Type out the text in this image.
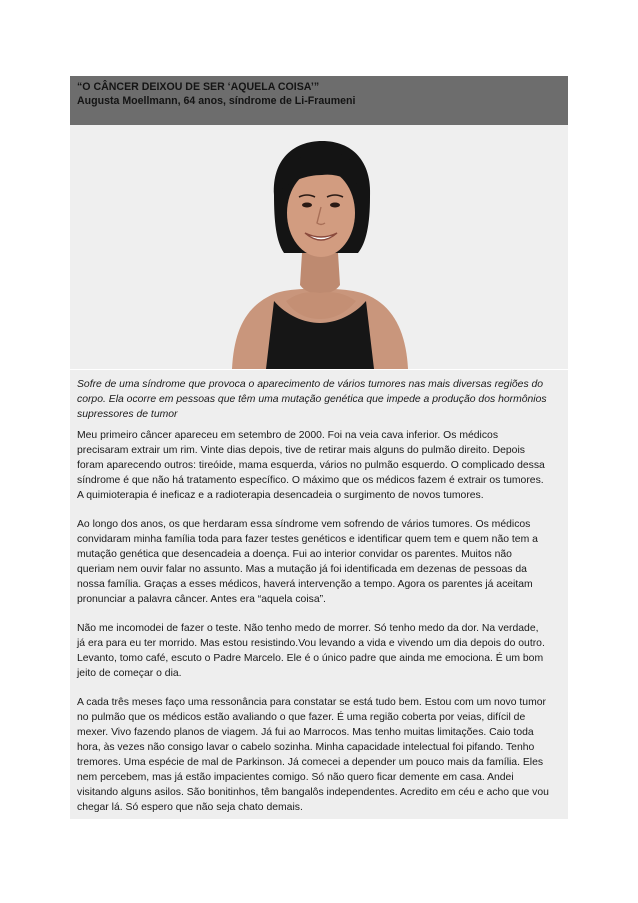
“O CÂNCER DEIXOU DE SER ‘AQUELA COISA’”
Augusta Moellmann, 64 anos, síndrome de Li-Fraumeni
Sofre de uma síndrome que provoca o aparecimento de vários tumores nas mais diversas regiões do
corpo. Ela ocorre em pessoas que têm uma mutação genética que impede a produção dos hormônios
supressores de tumor
Meu primeiro câncer apareceu em setembro de 2000. Foi na veia cava inferior. Os médicos
precisaram extrair um rim. Vinte dias depois, tive de retirar mais alguns do pulmão direito. Depois
foram aparecendo outros: tireóide, mama esquerda, vários no pulmão esquerdo. O complicado dessa
síndrome é que não há tratamento específico. O máximo que os médicos fazem é extrair os tumores.
A quimioterapia é ineficaz e a radioterapia desencadeia o surgimento de novos tumores.
Ao longo dos anos, os que herdaram essa síndrome vem sofrendo de vários tumores. Os médicos
convidaram minha família toda para fazer testes genéticos e identificar quem tem e quem não tem a
mutação genética que desencadeia a doença. Fui ao interior convidar os parentes. Muitos não
queriam nem ouvir falar no assunto. Mas a mutação já foi identificada em dezenas de pessoas da
nossa família. Graças a esses médicos, haverá intervenção a tempo. Agora os parentes já aceitam
pronunciar a palavra câncer. Antes era “aquela coisa”.
Não me incomodei de fazer o teste. Não tenho medo de morrer. Só tenho medo da dor. Na verdade,
já era para eu ter morrido. Mas estou resistindo.Vou levando a vida e vivendo um dia depois do outro.
Levanto, tomo café, escuto o Padre Marcelo. Ele é o único padre que ainda me emociona. É um bom
jeito de começar o dia.
A cada três meses faço uma ressonância para constatar se está tudo bem. Estou com um novo tumor
no pulmão que os médicos estão avaliando o que fazer. É uma região coberta por veias, difícil de
mexer. Vivo fazendo planos de viagem. Já fui ao Marrocos. Mas tenho muitas limitações. Caio toda
hora, às vezes não consigo lavar o cabelo sozinha. Minha capacidade intelectual foi pifando. Tenho
tremores. Uma espécie de mal de Parkinson. Já comecei a depender um pouco mais da família. Eles
nem percebem, mas já estão impacientes comigo. Só não quero ficar demente em casa. Andei
visitando alguns asilos. São bonitinhos, têm bangalôs independentes. Acredito em céu e acho que vou
chegar lá. Só espero que não seja chato demais.
